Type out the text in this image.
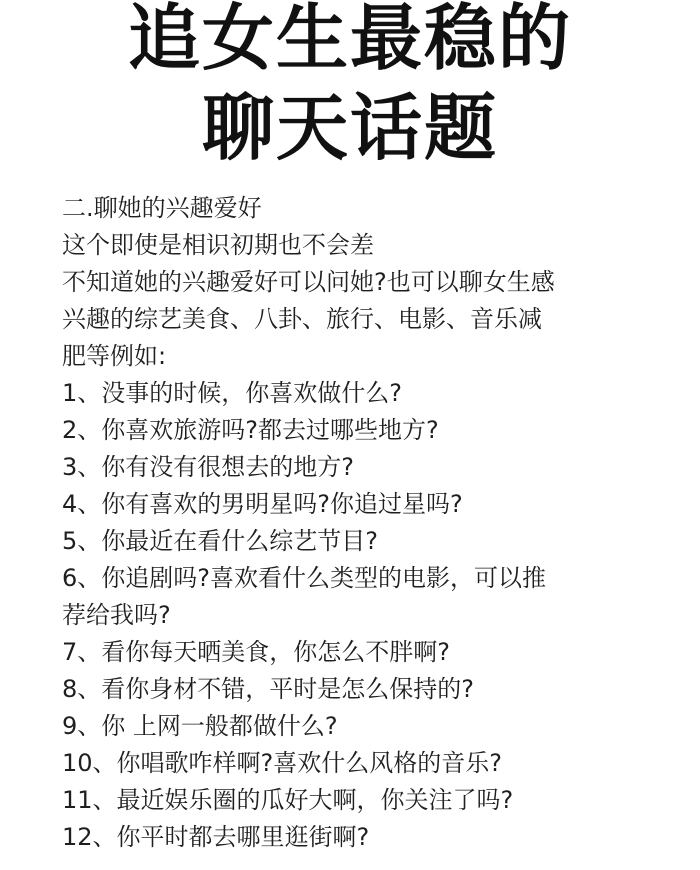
追女生最稳的
聊天话题
二.聊她的兴趣爱好
这个即使是相识初期也不会差
不知道她的兴趣爱好可以问她?也可以聊女生感
兴趣的综艺美食、八卦、旅行、电影、音乐减
肥等例如:
1、 没事的时候，你喜欢做什么?
2、 你喜欢旅游吗?都去过哪些地方?
3、 你有没有很想去的地方?
4、 你有喜欢的男明星吗?你追过星吗?
5、 你最近在看什么综艺节目?
6、 你追剧吗?喜欢看什么类型的电影，可以推
荐给我吗?
7、 看你每天晒美食，你怎么不胖啊?
8、 看你身材不错，平时是怎么保持的?
9、 你 上网一般都做什么?
10、 你唱歌咋样啊?喜欢什么风格的音乐?
11、 最近娱乐圈的瓜好大啊，你关注了吗?
12、 你平时都去哪里逛街啊?
